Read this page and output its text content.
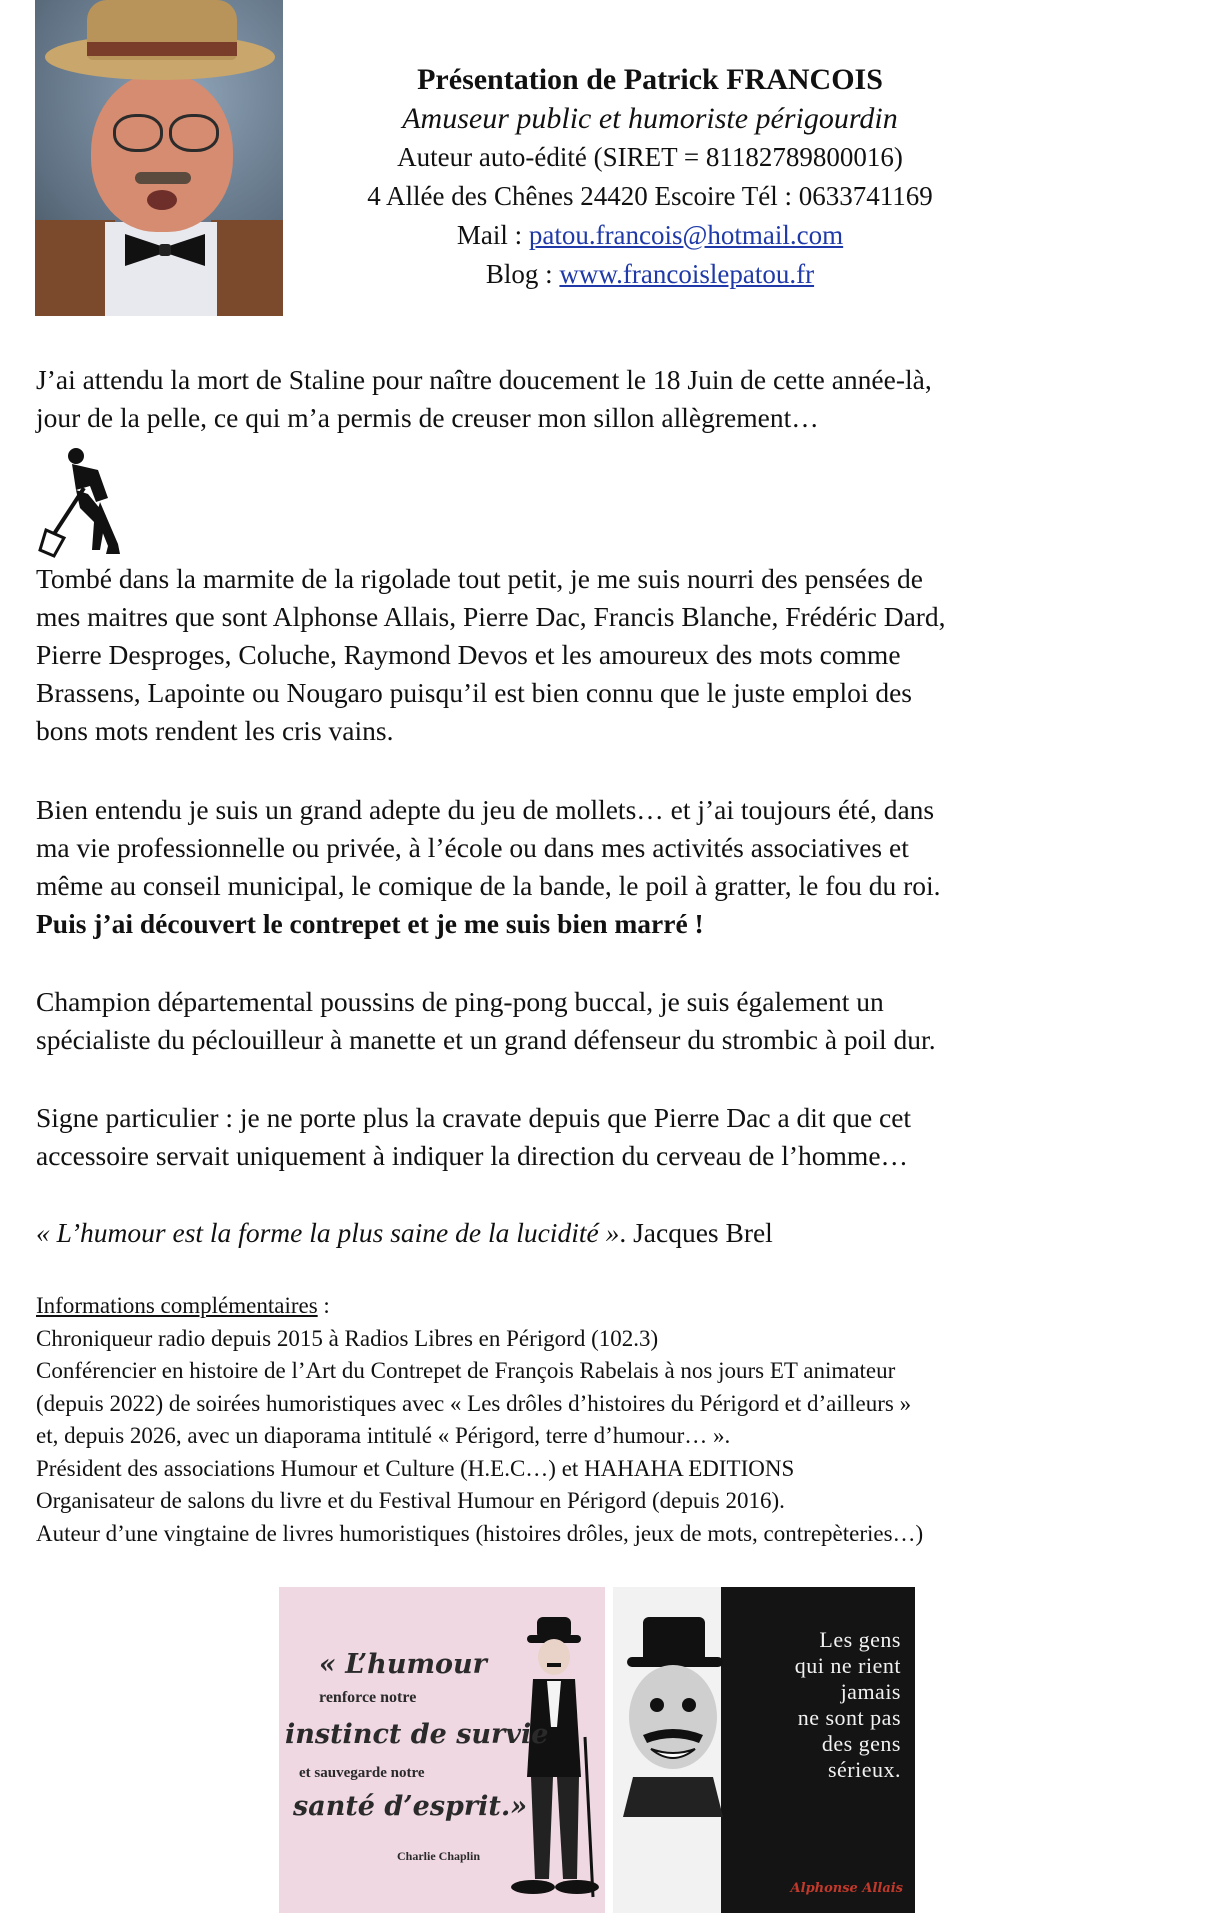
Présentation de Patrick FRANCOIS
Amuseur public et humoriste périgourdin
Auteur auto-édité (SIRET = 81182789800016)
4 Allée des Chênes 24420 Escoire Tél : 0633741169
Mail : patou.francois@hotmail.com
Blog : www.francoislepatou.fr
J’ai attendu la mort de Staline pour naître doucement le 18 Juin de cette année-là,
jour de la pelle, ce qui m’a permis de creuser mon sillon allègrement…
Tombé dans la marmite de la rigolade tout petit, je me suis nourri des pensées de
mes maitres que sont Alphonse Allais, Pierre Dac, Francis Blanche, Frédéric Dard,
Pierre Desproges, Coluche, Raymond Devos et les amoureux des mots comme
Brassens, Lapointe ou Nougaro puisqu’il est bien connu que le juste emploi des
bons mots rendent les cris vains.
Bien entendu je suis un grand adepte du jeu de mollets… et j’ai toujours été, dans
ma vie professionnelle ou privée, à l’école ou dans mes activités associatives et
même au conseil municipal, le comique de la bande, le poil à gratter, le fou du roi.
Puis j’ai découvert le contrepet et je me suis bien marré !
Champion départemental poussins de ping-pong buccal, je suis également un
spécialiste du péclouilleur à manette et un grand défenseur du strombic à poil dur.
Signe particulier : je ne porte plus la cravate depuis que Pierre Dac a dit que cet
accessoire servait uniquement à indiquer la direction du cerveau de l’homme…
« L’humour est la forme la plus saine de la lucidité ». Jacques Brel
Informations complémentaires :
Chroniqueur radio depuis 2015 à Radios Libres en Périgord (102.3)
Conférencier en histoire de l’Art du Contrepet de François Rabelais à nos jours ET animateur
(depuis 2022) de soirées humoristiques avec « Les drôles d’histoires du Périgord et d’ailleurs »
et, depuis 2026, avec un diaporama intitulé « Périgord, terre d’humour… ».
Président des associations Humour et Culture (H.E.C…) et HAHAHA EDITIONS
Organisateur de salons du livre et du Festival Humour en Périgord (depuis 2016).
Auteur d’une vingtaine de livres humoristiques (histoires drôles, jeux de mots, contrepèteries…)
« L’humour
renforce notre
instinct de survie
et sauvegarde notre
santé d’esprit.»
Charlie Chaplin
Les gens
qui ne rient
jamais
ne sont pas
des gens
sérieux.
Alphonse Allais
